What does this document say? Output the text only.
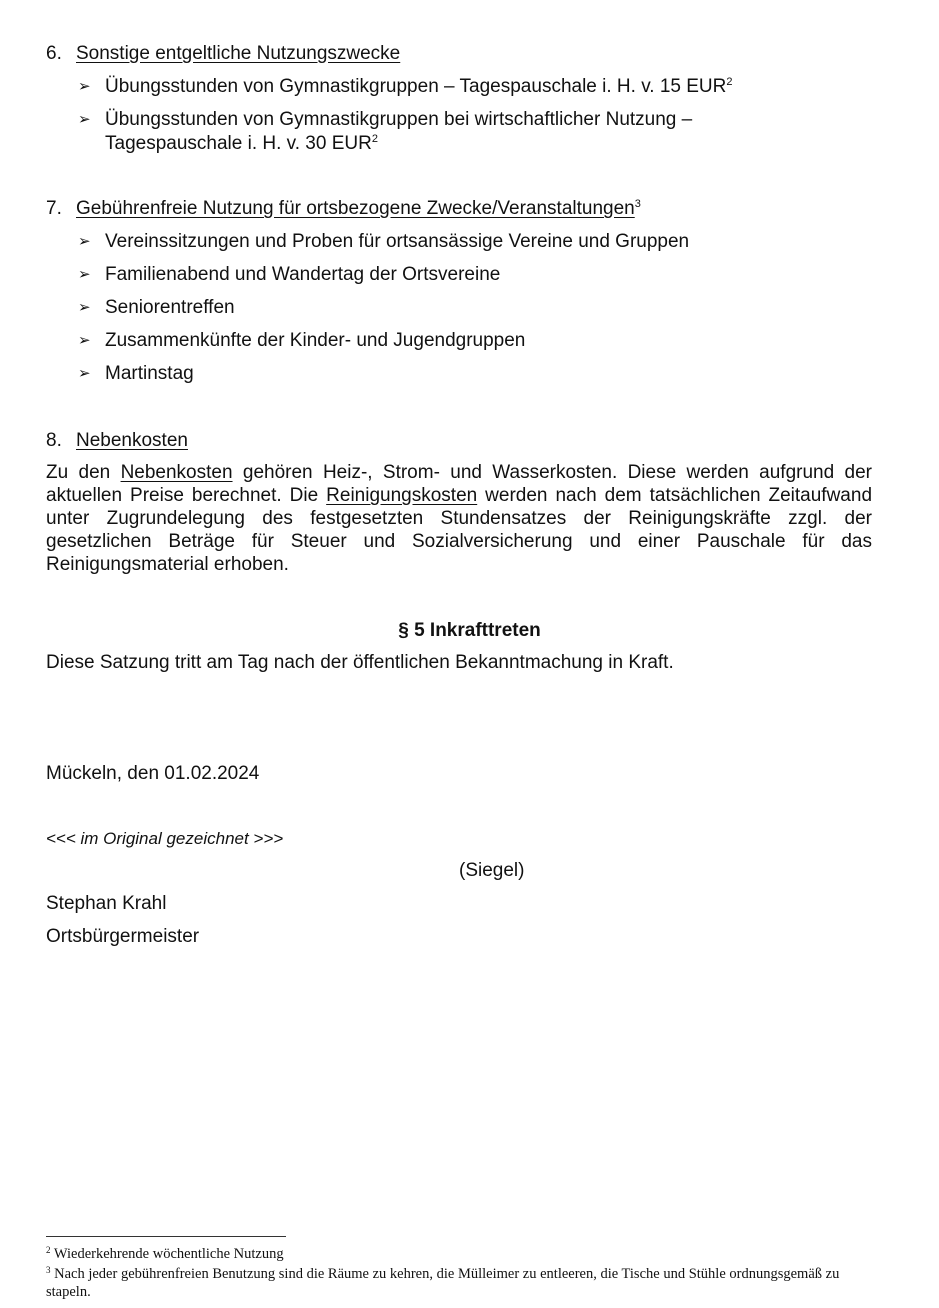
6. Sonstige entgeltliche Nutzungszwecke
➢ Übungsstunden von Gymnastikgruppen – Tagespauschale i. H. v. 15 EUR$^2$
➢ Übungsstunden von Gymnastikgruppen bei wirtschaftlicher Nutzung –
Tagespauschale i. H. v. 30 EUR$^2$
7. Gebührenfreie Nutzung für ortsbezogene Zwecke/Veranstaltungen$^3$
➢ Vereinssitzungen und Proben für ortsansässige Vereine und Gruppen
➢ Familienabend und Wandertag der Ortsvereine
➢ Seniorentreffen
➢ Zusammenkünfte der Kinder- und Jugendgruppen
➢ Martinstag
8. Nebenkosten
Zu den Nebenkosten gehören Heiz-, Strom- und Wasserkosten. Diese werden aufgrund der aktuellen Preise berechnet. Die Reinigungskosten werden nach dem tatsächlichen Zeitaufwand unter Zugrundelegung des festgesetzten Stundensatzes der Reinigungskräfte zzgl. der gesetzlichen Beträge für Steuer und Sozialversicherung und einer Pauschale für das Reinigungsmaterial erhoben.
§ 5 Inkrafttreten
Diese Satzung tritt am Tag nach der öffentlichen Bekanntmachung in Kraft.
Mückeln, den 01.02.2024
<<< im Original gezeichnet >>>
(Siegel)
Stephan Krahl
Ortsbürgermeister
$^2$ Wiederkehrende wöchentliche Nutzung
$^3$ Nach jeder gebührenfreien Benutzung sind die Räume zu kehren, die Mülleimer zu entleeren, die Tische und Stühle ordnungsgemäß zu stapeln.
